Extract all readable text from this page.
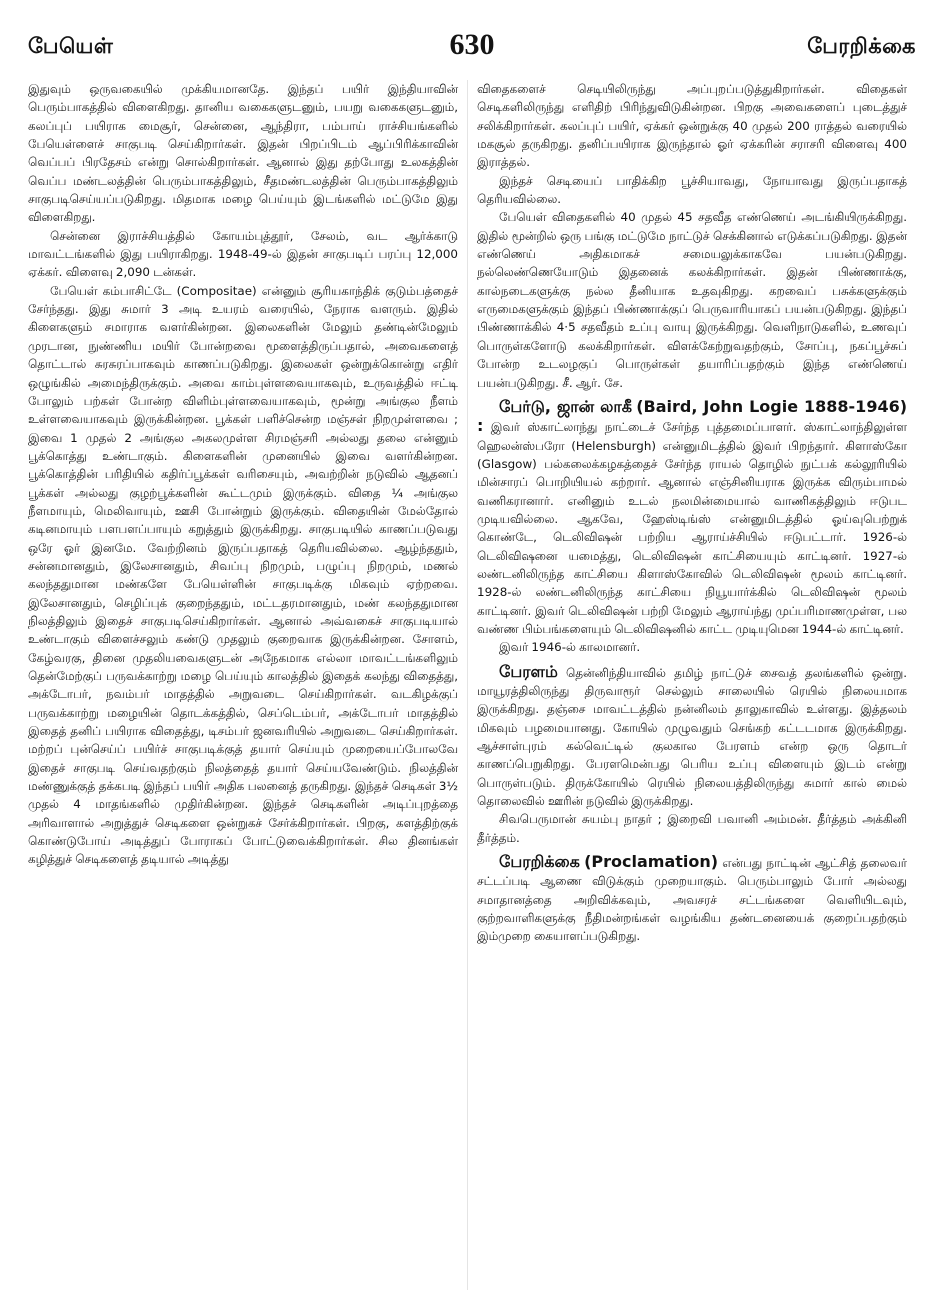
பேயெள்	630	பேரறிக்கை

இதுவும் ஒருவகையில் முக்கியமானதே. இந்தப் பயிர் இந்தியாவின் பெரும்பாகத்தில் விளைகிறது. தானிய வகைகளுடனும், பயறு வகைகளுடனும், கலப்புப் பயிராக மைசூர், சென்னை, ஆந்திரா, பம்பாய் ராச்சியங்களில் பேயெள்ளைச் சாகுபடி செய்கிறார்கள். இதன் பிறப்பிடம் ஆப்பிரிக்காவின் வெப்பப் பிரதேசம் என்று சொல்கிறார்கள். ஆனால் இது தற்போது உலகத்தின் வெப்ப மண்டலத்தின் பெரும்பாகத்திலும், சீதமண்டலத்தின் பெரும்பாகத்திலும் சாகுபடிசெய்யப்படுகிறது. மிதமாக மழை பெய்யும் இடங்களில் மட்டுமே இது விளைகிறது.

சென்னை இராச்சியத்தில் கோயம்புத்தூர், சேலம், வட ஆர்க்காடு மாவட்டங்களில் இது பயிராகிறது. 1948-49-ல் இதன் சாகுபடிப் பரப்பு 12,000 ஏக்கர். விளைவு 2,090 டன்கள்.

பேயெள் கம்பாசிட்டே (Compositae) என்னும் சூரியகாந்திக் குடும்பத்தைச் சேர்ந்தது. இது சுமார் 3 அடி உயரம் வரையில், நேராக வளரும். இதில் கிளைகளும் சமாராக வளர்கின்றன. இலைகளின் மேலும் தண்டின்மேலும் முரடான, நுண்ணிய மயிர் போன்றவை மூளைத்திருப்பதால், அவைகளைத் தொட்டால் சுரசுரப்பாகவும் காணப்படுகிறது. இலைகள் ஒன்றுக்கொன்று எதிர் ஒழுங்கில் அமைந்திருக்கும். அவை காம்புள்ளவையாகவும், உருவத்தில் ஈட்டி போலும் பற்கள் போன்ற விளிம்புள்ளவையாகவும், மூன்று அங்குல நீளம் உள்ளவையாகவும் இருக்கின்றன. பூக்கள் பளிச்சென்ற மஞ்சள் நிறமுள்ளவை ; இவை 1 முதல் 2 அங்குல அகலமுள்ள சிரமஞ்சரி அல்லது தலை என்னும் பூக்கொத்து உண்டாகும். கிளைகளின் முனையில் இவை வளர்கின்றன. பூக்கொத்தின் பரிதியில் கதிர்ப்பூக்கள் வரிசையும், அவற்றின் நடுவில் ஆதனப் பூக்கள் அல்லது குழற்பூக்களின் கூட்டமும் இருக்கும். விதை ¼ அங்குல நீளமாயும், மெலிவாயும், ஊசி போன்றும் இருக்கும். விதையின் மேல்தோல் கடினமாயும் பளபளப்பாயும் கறுத்தும் இருக்கிறது. சாகுபடியில் காணப்படுவது ஒரே ஓர் இனமே. வேற்றினம் இருப்பதாகத் தெரியவில்லை. ஆழ்ந்ததும், சன்னமானதும், இலேசானதும், சிவப்பு நிறமும், பழுப்பு நிறமும், மணல் கலந்ததுமான மண்களே பேயெள்ளின் சாகுபடிக்கு மிகவும் ஏற்றவை. இலேசானதும், செழிப்புக் குறைந்ததும், மட்டதரமானதும், மண் கலந்ததுமான நிலத்திலும் இதைச் சாகுபடிசெய்கிறார்கள். ஆனால் அவ்வகைச் சாகுபடியால் உண்டாகும் விளைச்சலும் கண்டு முதலும் குறைவாக இருக்கின்றன. சோளம், கேழ்வரகு, தினை முதலியவைகளுடன் அநேகமாக எல்லா மாவட்டங்களிலும் தென்மேற்குப் பருவக்காற்று மழை பெய்யும் காலத்தில் இதைக் கலந்து விதைத்து, அக்டோபர், நவம்பர் மாதத்தில் அறுவடை செய்கிறார்கள். வடகிழக்குப் பருவக்காற்று மழையின் தொடக்கத்தில், செப்டெம்பர், அக்டோபர் மாதத்தில் இதைத் தனிப் பயிராக விதைத்து, டிசம்பர் ஜனவரியில் அறுவடை செய்கிறார்கள். மற்றப் புன்செய்ப் பயிர்ச் சாகுபடிக்குத் தயார் செய்யும் முறையைப்போலவே இதைச் சாகுபடி செய்வதற்கும் நிலத்தைத் தயார் செய்யவேண்டும். நிலத்தின் மண்ணுக்குத் தக்கபடி இந்தப் பயிர் அதிக பலனைத் தருகிறது. இந்தச் செடிகள் 3½ முதல் 4 மாதங்களில் முதிர்கின்றன. இந்தச் செடிகளின் அடிப்புறத்தை அரிவாளால் அறுத்துச் செடிகளை ஒன்றுகச் சேர்க்கிறார்கள். பிறகு, களத்திற்குக் கொண்டுபோய் அடித்துப் போராகப் போட்டுவைக்கிறார்கள். சில தினங்கள் கழித்துச் செடிகளைத் தடியால் அடித்து

விதைகளைச் செடியிலிருந்து அப்புறப்படுத்துகிறார்கள். விதைகள் செடிகளிலிருந்து எளிதிற் பிரிந்துவிடுகின்றன. பிறகு அவைகளைப் புடைத்துச் சலிக்கிறார்கள். கலப்புப் பயிர், ஏக்கர் ஒன்றுக்கு 40 முதல் 200 ராத்தல் வரையில் மகசூல் தருகிறது. தனிப்பயிராக இருந்தால் ஓர் ஏக்கரின் சராசரி விளைவு 400 இராத்தல்.

இந்தச் செடியைப் பாதிக்கிற பூச்சியாவது, நோயாவது இருப்பதாகத் தெரியவில்லை.

பேயெள் விதைகளில் 40 முதல் 45 சதவீத எண்ணெய் அடங்கியிருக்கிறது. இதில் மூன்றில் ஒரு பங்கு மட்டுமே நாட்டுச் செக்கினால் எடுக்கப்படுகிறது. இதன் எண்ணெய் அதிகமாகச் சமையலுக்காகவே பயன்படுகிறது. நல்லெண்ணெயோடும் இதனைக் கலக்கிறார்கள். இதன் பிண்ணாக்கு, கால்நடைகளுக்கு நல்ல தீனியாக உதவுகிறது. கறவைப் பசுக்களுக்கும் எருமைகளுக்கும் இந்தப் பிண்ணாக்குப் பெருவாரியாகப் பயன்படுகிறது. இந்தப் பிண்ணாக்கில் 4·5 சதவீதம் உப்பு வாயு இருக்கிறது. வெளிநாடுகளில், உணவுப் பொருள்களோடு கலக்கிறார்கள். விளக்கேற்றுவதற்கும், சோப்பு, நகப்பூச்சுப் போன்ற உடலழகுப் பொருள்கள் தயாரிப்பதற்கும் இந்த எண்ணெய் பயன்படுகிறது. சீ. ஆர். சே.

பேர்டு, ஜான் லாகீ (Baird, John Logie 1888-1946) : இவர் ஸ்காட்லாந்து நாட்டைச் சேர்ந்த புத்தமைப்பாளர். ஸ்காட்லாந்திலுள்ள ஹெலன்ஸ்பரோ (Helensburgh) என்னுமிடத்தில் இவர் பிறந்தார். கிளாஸ்கோ (Glasgow) பல்கலைக்கழகத்தைச் சேர்ந்த ராயல் தொழில் நுட்பக் கல்லூரியில் மின்சாரப் பொறியியல் கற்றார். ஆனால் எஞ்சினியராக இருக்க விரும்பாமல் வணிகரானார். எனினும் உடல் நலமின்மையால் வாணிகத்திலும் ஈடுபட முடியவில்லை. ஆகவே, ஹேஸ்டிங்ஸ் என்னுமிடத்தில் ஓய்வுபெற்றுக் கொண்டே, டெலிவிஷன் பற்றிய ஆராய்ச்சியில் ஈடுபட்டார். 1926-ல் டெலிவிஷனை யமைத்து, டெலிவிஷன் காட்சியையும் காட்டினர். 1927-ல் லண்டனிலிருந்த காட்சியை கிளாஸ்கோவில் டெலிவிஷன் மூலம் காட்டினர். 1928-ல் லண்டனிலிருந்த காட்சியை நியூயார்க்கில் டெலிவிஷன் மூலம் காட்டினர். இவர் டெலிவிஷன் பற்றி மேலும் ஆராய்ந்து முப்பரிமாணமுள்ள, பல வண்ண பிம்பங்களையும் டெலிவிஷனில் காட்ட முடியுமென 1944-ல் காட்டினர்.

இவர் 1946-ல் காலமானர்.

பேரளம் தென்னிந்தியாவில் தமிழ் நாட்டுச் சைவத் தலங்களில் ஒன்று. மாயூரத்திலிருந்து திருவாரூர் செல்லும் சாலையில் ரெயில் நிலையமாக இருக்கிறது. தஞ்சை மாவட்டத்தில் நன்னிலம் தாலுகாவில் உள்ளது. இத்தலம் மிகவும் பழமையானது. கோயில் முழுவதும் செங்கற் கட்டடமாக இருக்கிறது. ஆச்சாள்புரம் கல்வெட்டில் குலகால பேரளம் என்ற ஒரு தொடர் காணப்பெறுகிறது. பேரளமென்பது பெரிய உப்பு விளையும் இடம் என்று பொருள்படும். திருக்கோயில் ரெயில் நிலையத்திலிருந்து சுமார் கால் மைல் தொலைவில் ஊரின் நடுவில் இருக்கிறது.

சிவபெருமான் சுயம்பு நாதர் ; இறைவி பவானி அம்மன். தீர்த்தம் அக்கினி தீர்த்தம்.

பேரறிக்கை (Proclamation) என்பது நாட்டின் ஆட்சித் தலைவர் சட்டப்படி ஆணை விடுக்கும் முறையாகும். பெரும்பாலும் போர் அல்லது சமாதானத்தை அறிவிக்கவும், அவசரச் சட்டங்களை வெளியிடவும், குற்றவாளிகளுக்கு நீதிமன்றங்கள் வழங்கிய தண்டனையைக் குறைப்பதற்கும் இம்முறை கையாளப்படுகிறது.
